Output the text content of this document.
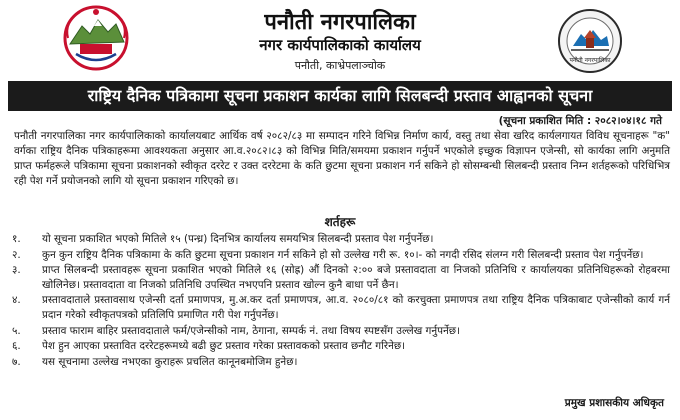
पनौती नगरपालिका
नगर कार्यपालिकाको कार्यालय
पनौती, काभ्रेपलाञ्चोक	पनौती नगरपालिका
राष्ट्रिय दैनिक पत्रिकामा सूचना प्रकाशन कार्यका लागि सिलबन्दी प्रस्ताव आह्वानको सूचना
(सूचना प्रकाशित मिति : २०८२।०४।१८ गते
पनौती नगरपालिका नगर कार्यपालिकाको कार्यालयबाट आर्थिक वर्ष २०८२/८३ मा सम्पादन गरिने विभिन्न निर्माण कार्य, वस्तु तथा सेवा खरिद कार्यलगायत विविध सूचनाहरू "क" वर्गका राष्ट्रिय दैनिक पत्रिकाहरूमा आवश्यकता अनुसार आ.व.२०८२।८३ को विभिन्न मिति/समयमा प्रकाशन गर्नुपर्ने भएकोले इच्छुक विज्ञापन एजेन्सी, सो कार्यका लागि अनुमति प्राप्त फर्महरूले पत्रिकामा सूचना प्रकाशनको स्वीकृत दररेट र उक्त दररेटमा के कति छुटमा सूचना प्रकाशन गर्न सकिने हो सोसम्बन्धी सिलबन्दी प्रस्ताव निम्न शर्तहरूको परिधिभित्र रही पेश गर्ने प्रयोजनको लागि यो सूचना प्रकाशन गरिएको छ।
शर्तहरू
१.	यो सूचना प्रकाशित भएको मितिले १५ (पन्ध्र) दिनभित्र कार्यालय समयभित्र सिलबन्दी प्रस्ताव पेश गर्नुपर्नेछ।
२.	कुन कुन राष्ट्रिय दैनिक पत्रिकामा के कति छुटमा सूचना प्रकाशन गर्न सकिने हो सो उल्लेख गरी रू. १०।- को नगदी रसिद संलग्न गरी सिलबन्दी प्रस्ताव पेश गर्नुपर्नेछ।
३.	प्राप्त सिलबन्दी प्रस्तावहरू सूचना प्रकाशित भएको मितिले १६ (सोह्र) औं दिनको २:०० बजे प्रस्तावदाता वा निजको प्रतिनिधि र कार्यालयका प्रतिनिधिहरूको रोहबरमा खोलिनेछ। प्रस्तावदाता वा निजको प्रतिनिधि उपस्थित नभएपनि प्रस्ताव खोल्न कुनै बाधा पर्ने छैन।
४.	प्रस्तावदाताले प्रस्तावसाथ एजेन्सी दर्ता प्रमाणपत्र, मु.अ.कर दर्ता प्रमाणपत्र, आ.व. २०८०/८१ को करचुक्ता प्रमाणपत्र तथा राष्ट्रिय दैनिक पत्रिकाबाट एजेन्सीको कार्य गर्न प्रदान गरेको स्वीकृतपत्रको प्रतिलिपि प्रमाणित गरी पेश गर्नुपर्नेछ।
५.	प्रस्ताव फाराम बाहिर प्रस्तावदाताले फर्म/एजेन्सीको नाम, ठेगाना, सम्पर्क नं. तथा विषय स्पष्टसँग उल्लेख गर्नुपर्नेछ।
६.	पेश हुन आएका प्रस्तावित दररेटहरूमध्ये बढी छुट प्रस्ताव गरेका प्रस्तावकको प्रस्ताव छनौट गरिनेछ।
७.	यस सूचनामा उल्लेख नभएका कुराहरू प्रचलित कानूनबमोजिम हुनेछ।
प्रमुख प्रशासकीय अधिकृत
